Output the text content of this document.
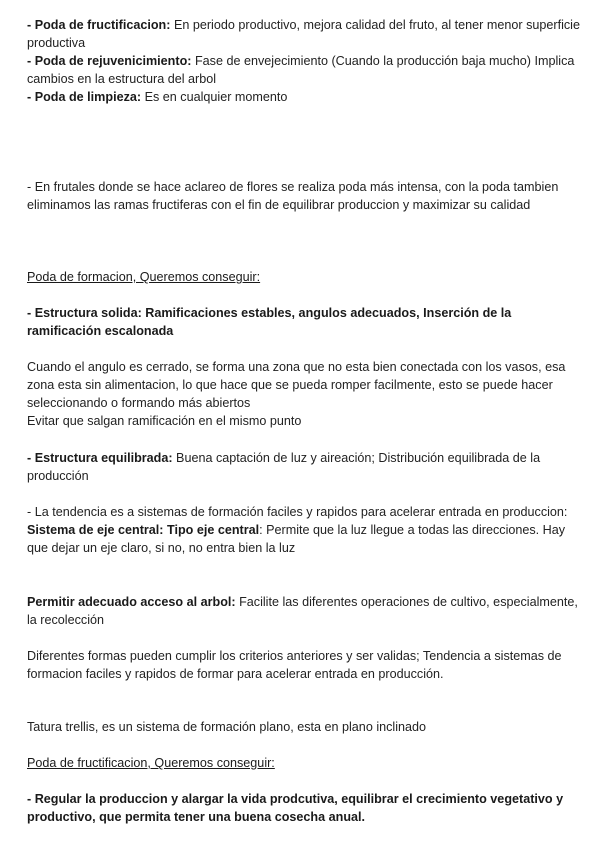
- Poda de fructificacion: En periodo productivo, mejora calidad del fruto, al tener menor superficie productiva
- Poda de rejuvenicimiento: Fase de envejecimiento (Cuando la producción baja mucho) Implica cambios en la estructura del arbol
- Poda de limpieza: Es en cualquier momento

- En frutales donde se hace aclareo de flores se realiza poda más intensa, con la poda tambien eliminamos las ramas fructiferas con el fin de equilibrar produccion y maximizar su calidad

Poda de formacion, Queremos conseguir:

- Estructura solida: Ramificaciones estables, angulos adecuados, Inserción de la ramificación escalonada

Cuando el angulo es cerrado, se forma una zona que no esta bien conectada con los vasos, esa zona esta sin alimentacion, lo que hace que se pueda romper facilmente, esto se puede hacer seleccionando o formando más abiertos
Evitar que salgan ramificación en el mismo punto

- Estructura equilibrada: Buena captación de luz y aireación; Distribución equilibrada de la producción

- La tendencia es a sistemas de formación faciles y rapidos para acelerar entrada en produccion: Sistema de eje central: Tipo eje central: Permite que la luz llegue a todas las direcciones. Hay que dejar un eje claro, si no, no entra bien la luz

Permitir adecuado acceso al arbol: Facilite las diferentes operaciones de cultivo, especialmente, la recolección

Diferentes formas pueden cumplir los criterios anteriores y ser validas; Tendencia a sistemas de formacion faciles y rapidos de formar para acelerar entrada en producción.

Tatura trellis, es un sistema de formación plano, esta en plano inclinado

Poda de fructificacion, Queremos conseguir:

- Regular la produccion y alargar la vida prodcutiva, equilibrar el crecimiento vegetativo y productivo, que permita tener una buena cosecha anual.
